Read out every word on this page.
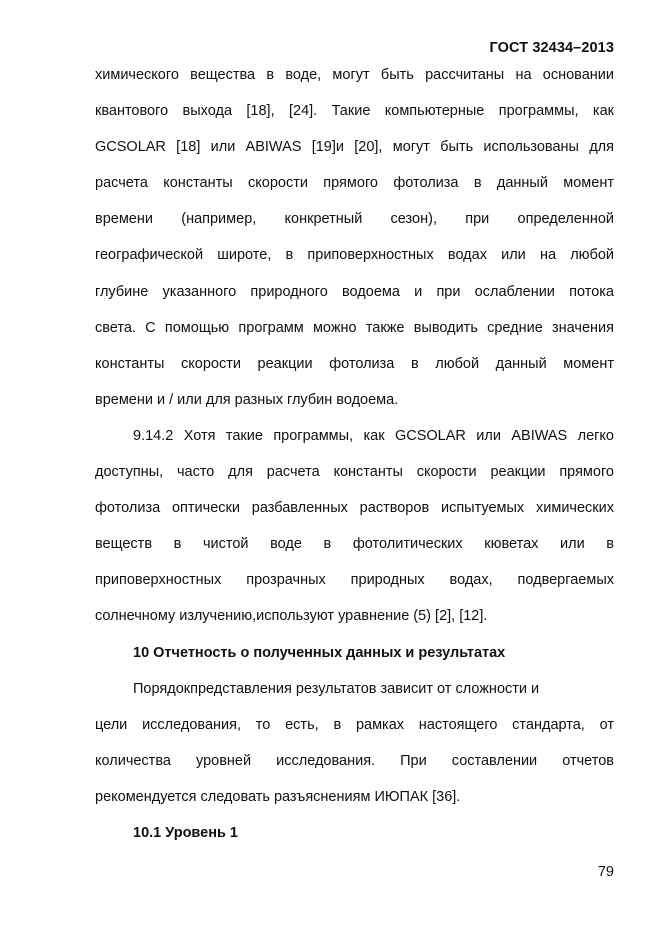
ГОСТ 32434–2013
химического вещества в воде, могут быть рассчитаны на основании
квантового выхода [18], [24]. Такие компьютерные программы, как
GCSOLAR [18] или ABIWAS [19]и [20], могут быть использованы для
расчета константы скорости прямого фотолиза в данный момент
времени (например, конкретный сезон), при определенной
географической широте, в приповерхностных водах или на любой
глубине указанного природного водоема и при ослаблении потока
света. С помощью программ можно также выводить средние значения
константы скорости реакции фотолиза в любой данный момент
времени и / или для разных глубин водоема.
9.14.2 Хотя такие программы, как GCSOLAR или ABIWAS легко
доступны, часто для расчета константы скорости реакции прямого
фотолиза оптически разбавленных растворов испытуемых химических
веществ в чистой воде в фотолитических кюветах или в
приповерхностных прозрачных природных водах, подвергаемых
солнечному излучению,используют уравнение (5) [2], [12].
10 Отчетность о полученных данных и результатах
Порядокпредставления результатов зависит от сложности и
цели исследования, то есть, в рамках настоящего стандарта, от
количества уровней исследования. При составлении отчетов
рекомендуется следовать разъяснениям ИЮПАК [36].
10.1 Уровень 1
79
